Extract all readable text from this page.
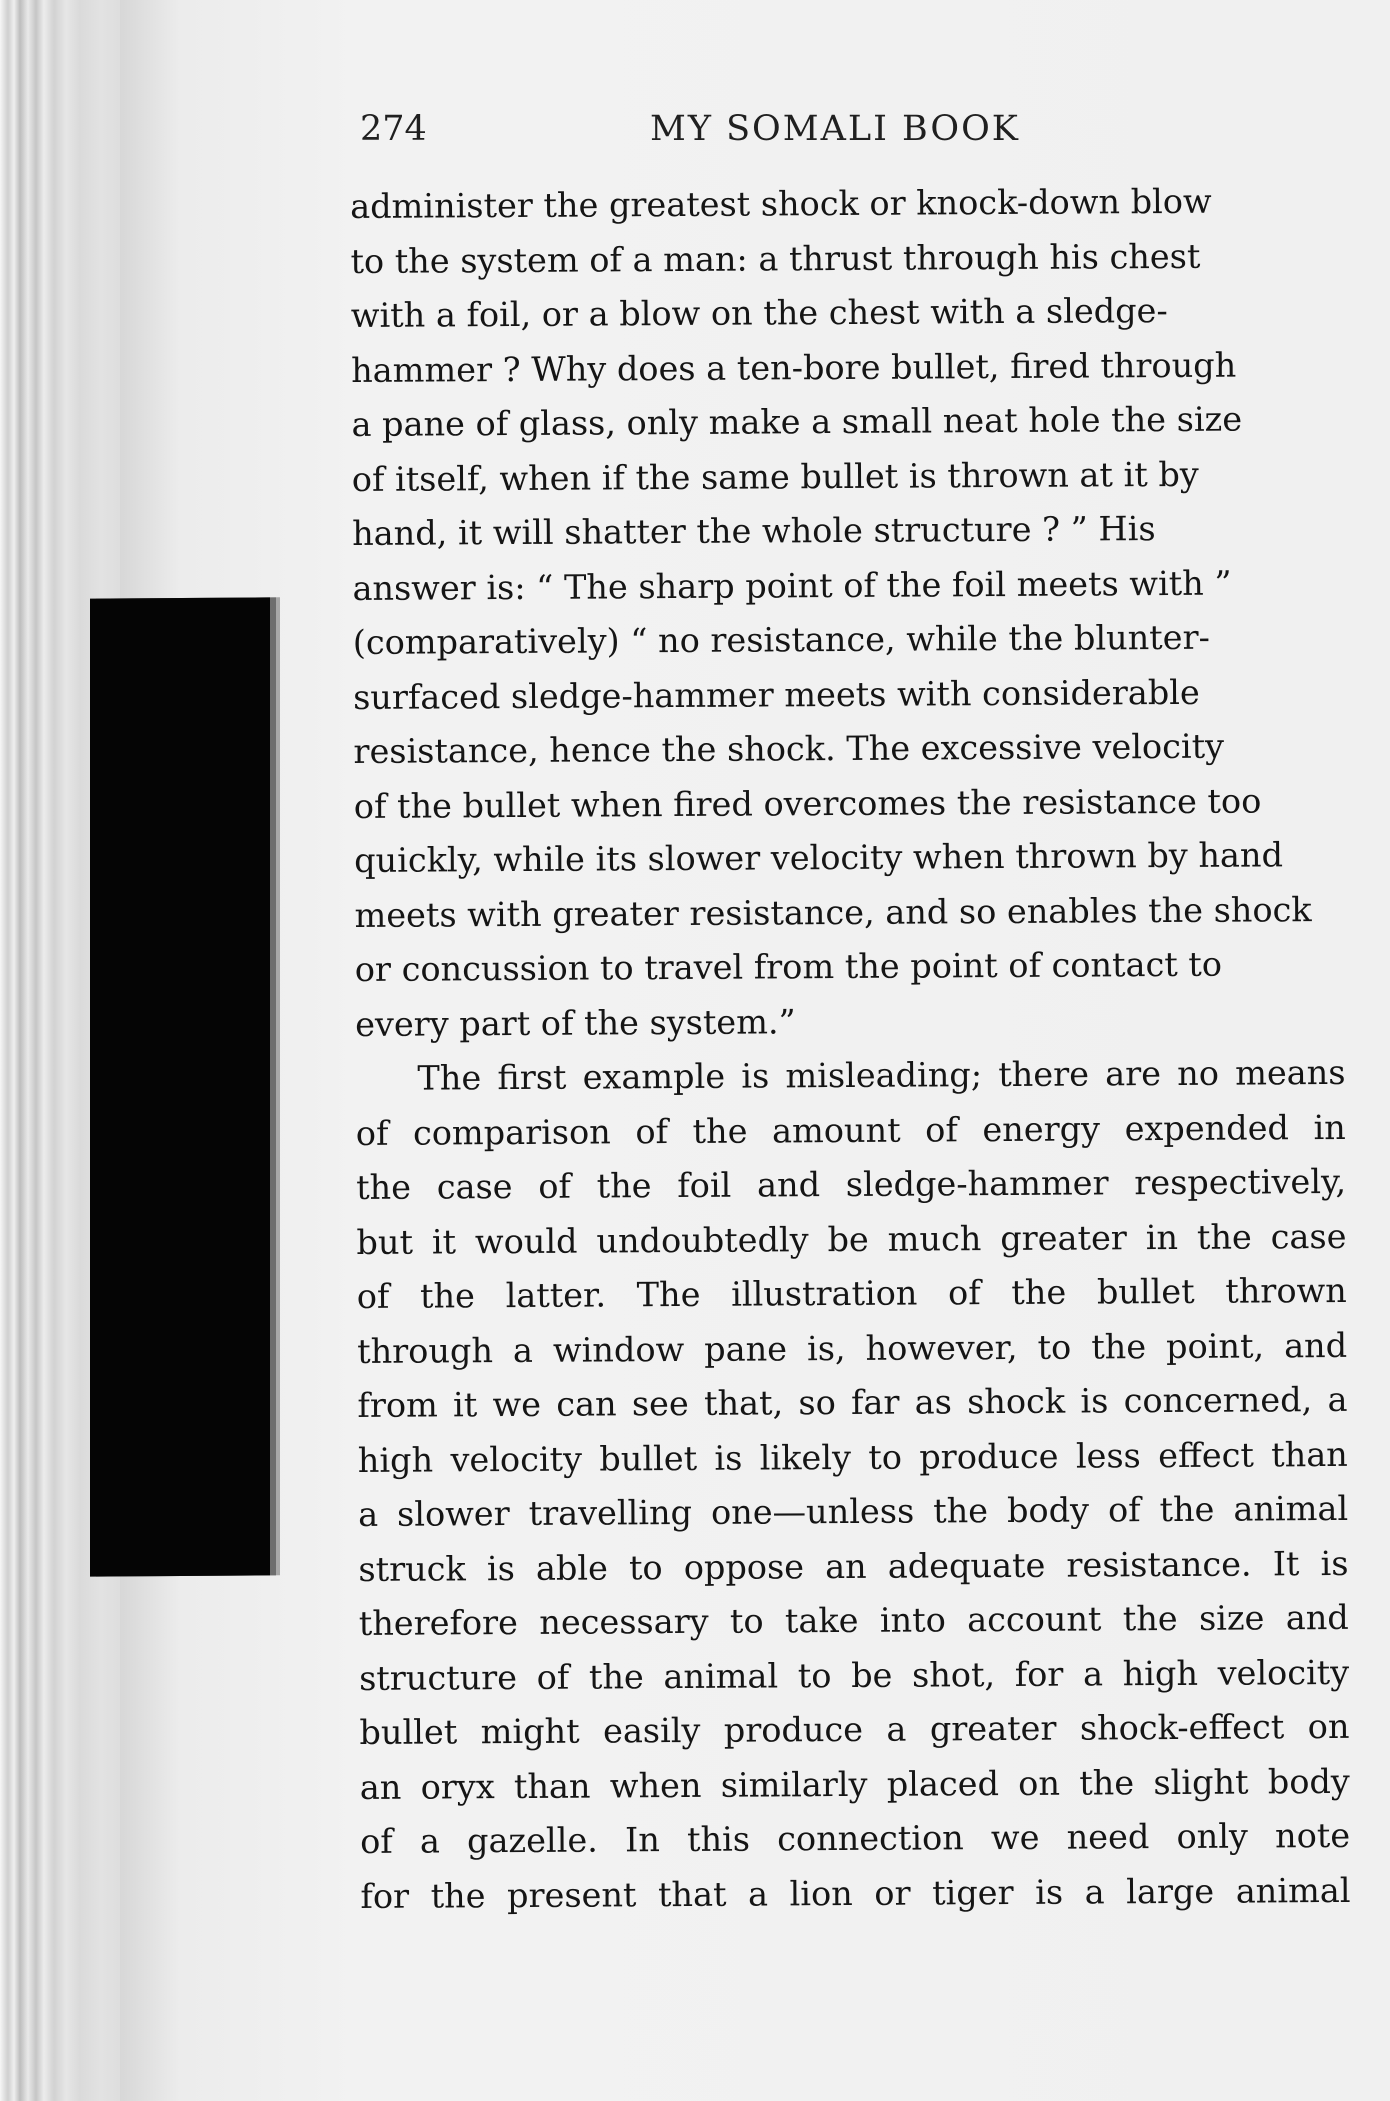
274	MY SOMALI BOOK

administer the greatest shock or knock-down blow
to the system of a man: a thrust through his chest
with a foil, or a blow on the chest with a sledge-
hammer ? Why does a ten-bore bullet, fired through
a pane of glass, only make a small neat hole the size
of itself, when if the same bullet is thrown at it by
hand, it will shatter the whole structure ? ” His
answer is: “ The sharp point of the foil meets with ”
(comparatively) “ no resistance, while the blunter-
surfaced sledge-hammer meets with considerable
resistance, hence the shock. The excessive velocity
of the bullet when fired overcomes the resistance too
quickly, while its slower velocity when thrown by hand
meets with greater resistance, and so enables the shock
or concussion to travel from the point of contact to
every part of the system.”

The first example is misleading; there are no means
of comparison of the amount of energy expended in
the case of the foil and sledge-hammer respectively,
but it would undoubtedly be much greater in the case
of the latter. The illustration of the bullet thrown
through a window pane is, however, to the point, and
from it we can see that, so far as shock is concerned, a
high velocity bullet is likely to produce less effect than
a slower travelling one—unless the body of the animal
struck is able to oppose an adequate resistance. It is
therefore necessary to take into account the size and
structure of the animal to be shot, for a high velocity
bullet might easily produce a greater shock-effect on
an oryx than when similarly placed on the slight body
of a gazelle. In this connection we need only note
for the present that a lion or tiger is a large animal
